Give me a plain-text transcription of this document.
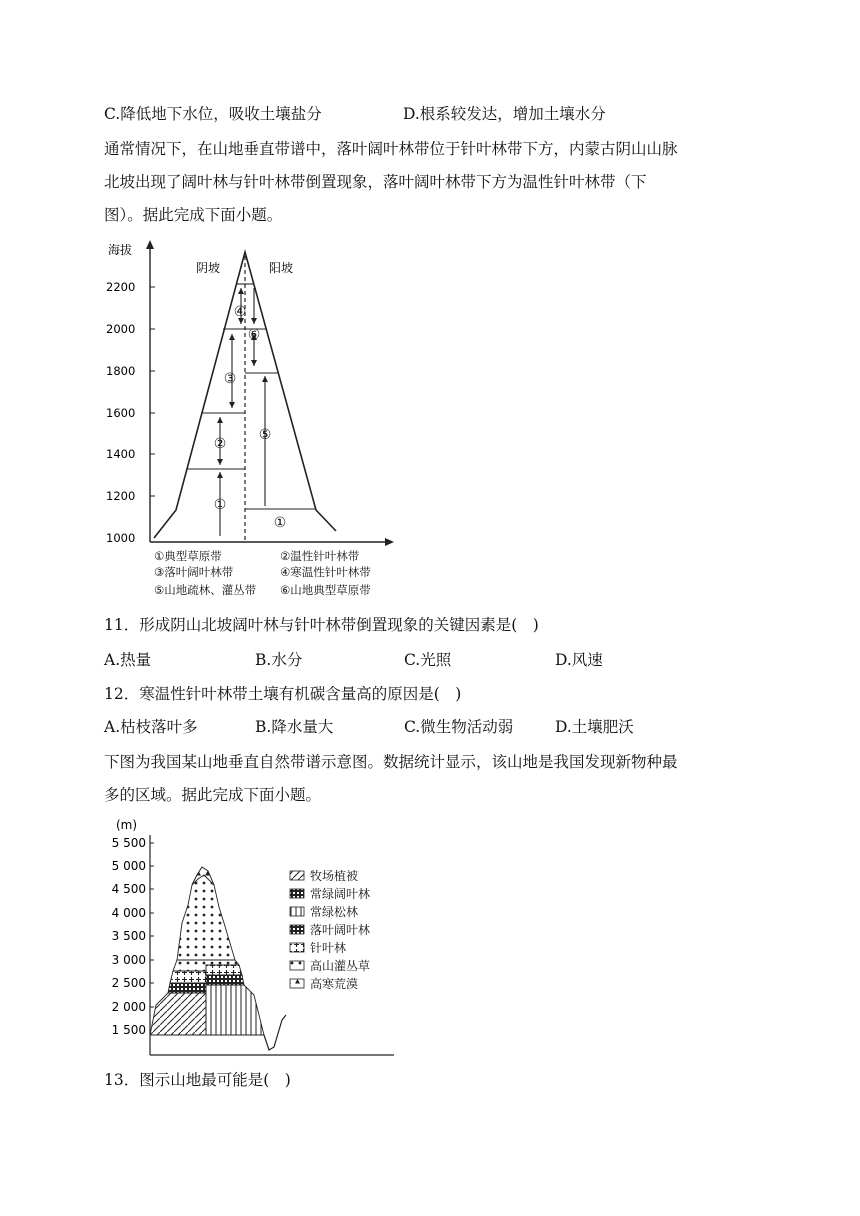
C.降低地下水位，吸收土壤盐分	D.根系较发达，增加土壤水分
通常情况下，在山地垂直带谱中，落叶阔叶林带位于针叶林带下方，内蒙古阴山山脉
北坡出现了阔叶林与针叶林带倒置现象，落叶阔叶林带下方为温性针叶林带（下
图）。据此完成下面小题。
海拔
2200
2000
1800
1600
1400
1200
1000
阴坡	阳坡
①
②
③
④
⑥
⑤
①
①典型草原带	②温性针叶林带
③落叶阔叶林带	④寒温性针叶林带
⑤山地疏林、灌丛带 ⑥山地典型草原带
11．形成阴山北坡阔叶林与针叶林带倒置现象的关键因素是(　)
A.热量	B.水分	C.光照	D.风速
12．寒温性针叶林带土壤有机碳含量高的原因是(　)
A.枯枝落叶多	B.降水量大	C.微生物活动弱	D.土壤肥沃
下图为我国某山地垂直自然带谱示意图。数据统计显示，该山地是我国发现新物种最
多的区域。据此完成下面小题。
(m)
5 500
5 000
4 500
4 000
3 500
3 000
2 500
2 000
1 500
牧场植被
常绿阔叶林
常绿松林
落叶阔叶林
针叶林
高山灌丛草
高寒荒漠
13．图示山地最可能是(　)
